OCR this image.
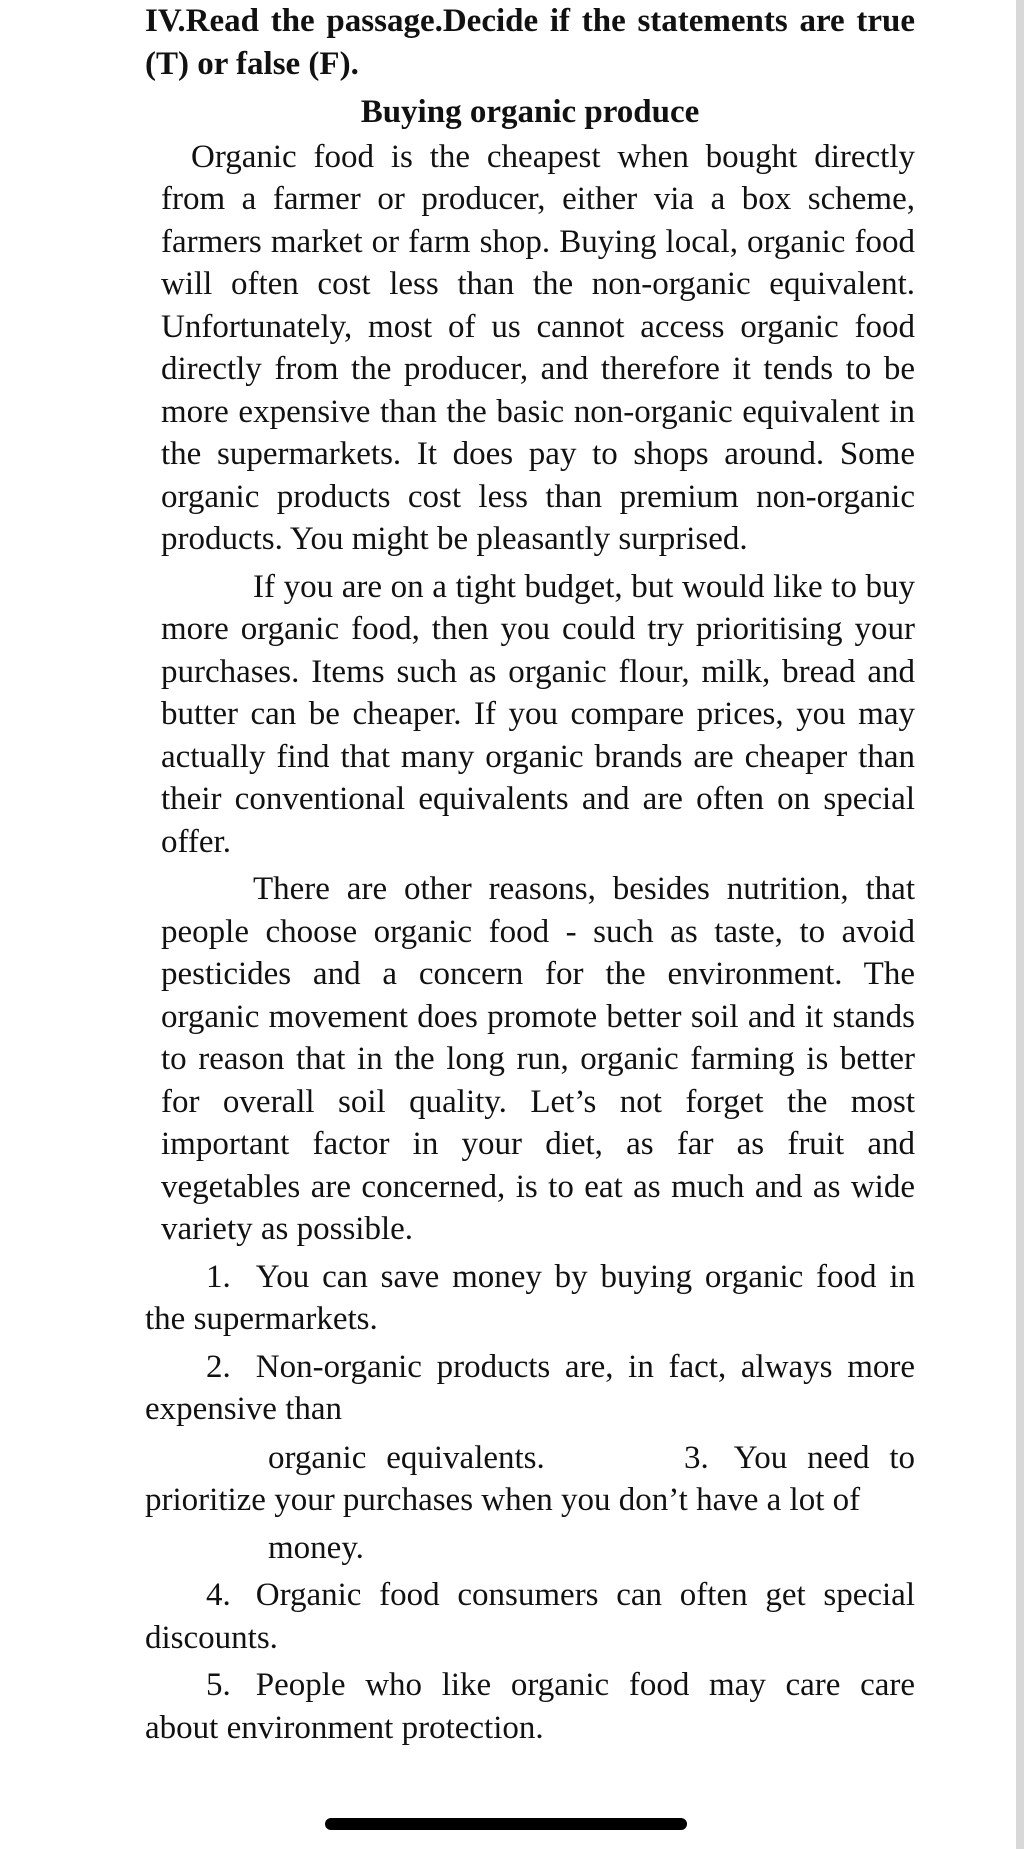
IV.Read the passage.Decide if the statements are true (T) or false (F).

Buying organic produce

Organic food is the cheapest when bought directly from a farmer or producer, either via a box scheme, farmers market or farm shop. Buying local, organic food will often cost less than the non-organic equivalent. Unfortunately, most of us cannot access organic food directly from the producer, and therefore it tends to be more expensive than the basic non-organic equivalent in the supermarkets. It does pay to shops around. Some organic products cost less than premium non-organic products. You might be pleasantly surprised.

If you are on a tight budget, but would like to buy more organic food, then you could try prioritising your purchases. Items such as organic flour, milk, bread and butter can be cheaper. If you compare prices, you may actually find that many organic brands are cheaper than their conventional equivalents and are often on special offer.

There are other reasons, besides nutrition, that people choose organic food - such as taste, to avoid pesticides and a concern for the environment. The organic movement does promote better soil and it stands to reason that in the long run, organic farming is better for overall soil quality. Let’s not forget the most important factor in your diet, as far as fruit and vegetables are concerned, is to eat as much and as wide variety as possible.

1. You can save money by buying organic food in the supermarkets.

2. Non-organic products are, in fact, always more expensive than

organic equivalents.	3. You need to prioritize your purchases when you don’t have a lot of

money.

4. Organic food consumers can often get special discounts.

5. People who like organic food may care care about environment protection.
